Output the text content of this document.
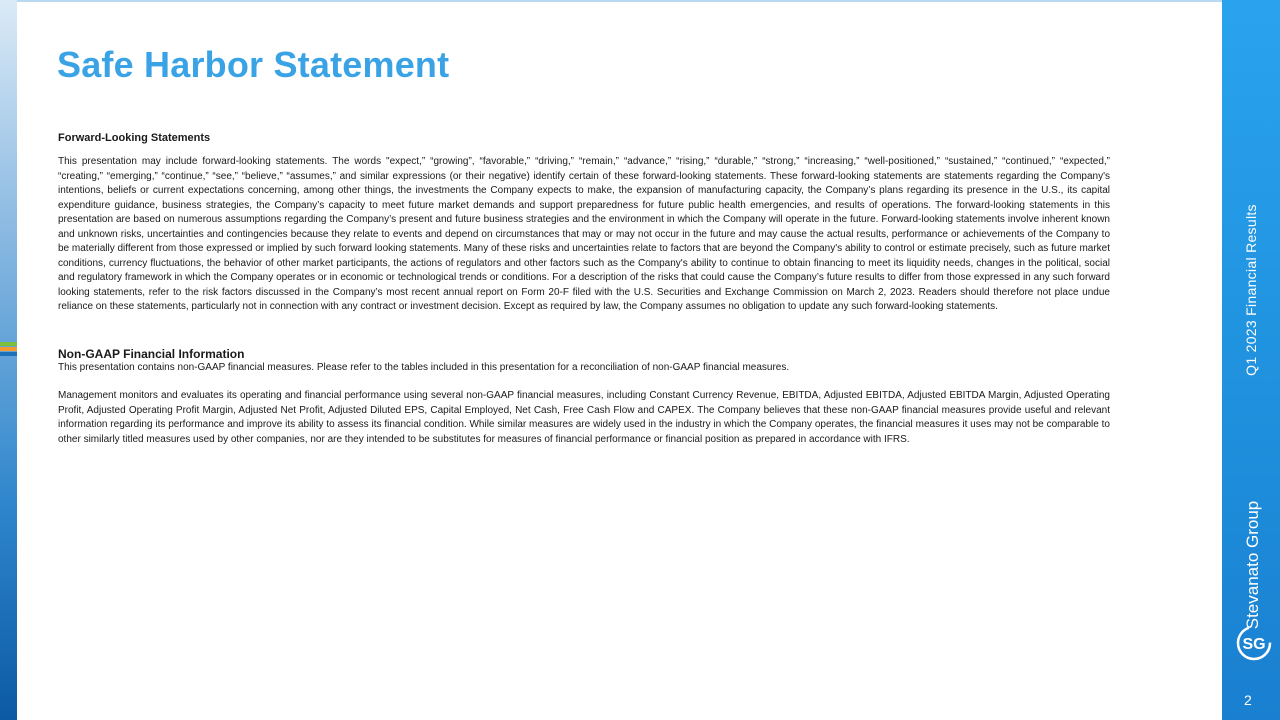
Safe Harbor Statement

Forward-Looking Statements

This presentation may include forward-looking statements. The words "expect,” “growing”, “favorable,” “driving,” “remain,” “advance,” “rising,” “durable,” “strong,” “increasing,” “well-positioned,” “sustained,” “continued,” “expected,” “creating,” “emerging,” “continue,” “see,” “believe,” “assumes,” and similar expressions (or their negative) identify certain of these forward-looking statements. These forward-looking statements are statements regarding the Company's intentions, beliefs or current expectations concerning, among other things, the investments the Company expects to make, the expansion of manufacturing capacity, the Company’s plans regarding its presence in the U.S., its capital expenditure guidance, business strategies, the Company’s capacity to meet future market demands and support preparedness for future public health emergencies, and results of operations. The forward-looking statements in this presentation are based on numerous assumptions regarding the Company’s present and future business strategies and the environment in which the Company will operate in the future. Forward-looking statements involve inherent known and unknown risks, uncertainties and contingencies because they relate to events and depend on circumstances that may or may not occur in the future and may cause the actual results, performance or achievements of the Company to be materially different from those expressed or implied by such forward looking statements. Many of these risks and uncertainties relate to factors that are beyond the Company's ability to control or estimate precisely, such as future market conditions, currency fluctuations, the behavior of other market participants, the actions of regulators and other factors such as the Company's ability to continue to obtain financing to meet its liquidity needs, changes in the political, social and regulatory framework in which the Company operates or in economic or technological trends or conditions. For a description of the risks that could cause the Company’s future results to differ from those expressed in any such forward looking statements, refer to the risk factors discussed in the Company’s most recent annual report on Form 20-F filed with the U.S. Securities and Exchange Commission on March 2, 2023. Readers should therefore not place undue reliance on these statements, particularly not in connection with any contract or investment decision. Except as required by law, the Company assumes no obligation to update any such forward-looking statements.

Non-GAAP Financial Information

This presentation contains non-GAAP financial measures. Please refer to the tables included in this presentation for a reconciliation of non-GAAP financial measures.

Management monitors and evaluates its operating and financial performance using several non-GAAP financial measures, including Constant Currency Revenue, EBITDA, Adjusted EBITDA, Adjusted EBITDA Margin, Adjusted Operating Profit, Adjusted Operating Profit Margin, Adjusted Net Profit, Adjusted Diluted EPS, Capital Employed, Net Cash, Free Cash Flow and CAPEX. The Company believes that these non-GAAP financial measures provide useful and relevant information regarding its performance and improve its ability to assess its financial condition. While similar measures are widely used in the industry in which the Company operates, the financial measures it uses may not be comparable to other similarly titled measures used by other companies, nor are they intended to be substitutes for measures of financial performance or financial position as prepared in accordance with IFRS.

Q1 2023 Financial Results
Stevanato Group
SG
2
